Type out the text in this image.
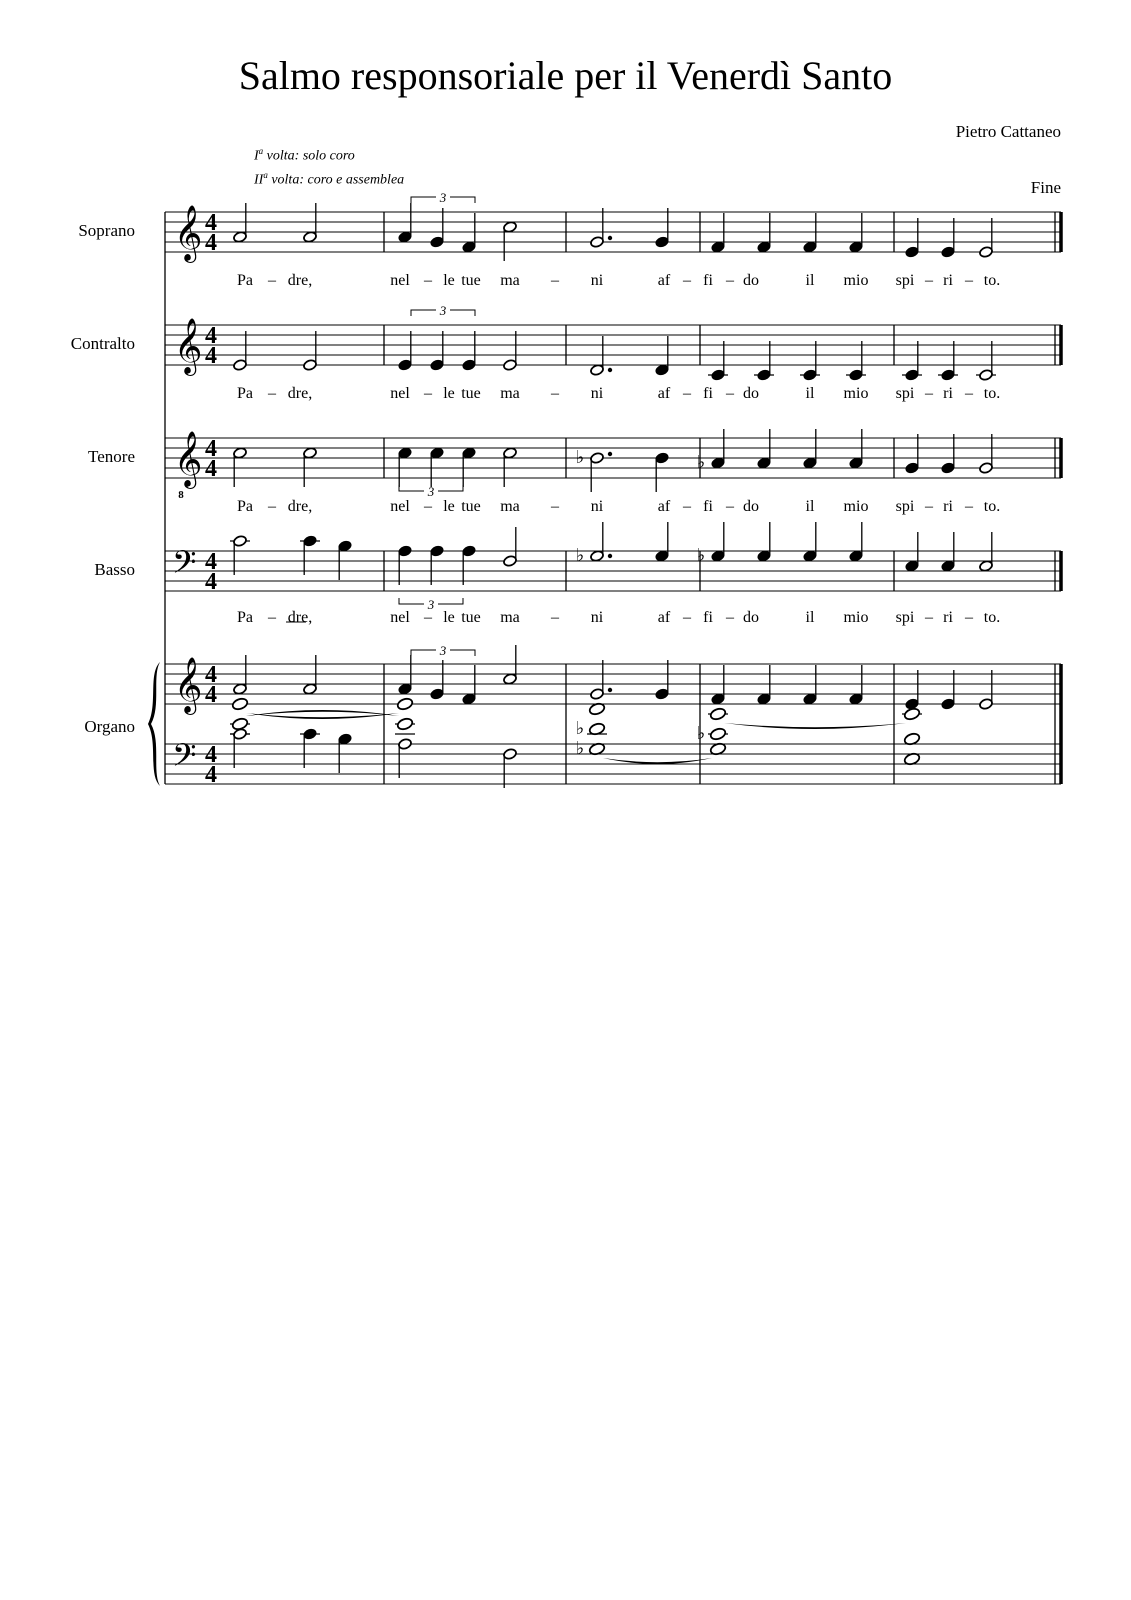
Salmo responsoriale per il Venerdì Santo
Pietro Cattaneo
Fine
$I^a$ volta: solo coro
$II^a$ volta: coro e assemblea
𝄞
𝄞
𝄞
8
𝄞
𝄢
𝄢
4
4
4
4
4
4
4
4
4
4
4
4
Soprano
Contralto
Tenore
Basso
Organo
3
3
3
♭	♭
3
♭	♭
3
♭
♭
♭
Pa – dre,	nel – le tue ma – ni	af – fi – do	il mio spi – ri – to.
Pa – dre,	nel – le tue ma – ni	af – fi – do	il mio spi – ri – to.
Pa – dre,	nel – le tue ma – ni	af – fi – do	il mio spi – ri – to.
Pa – dre,	nel – le tue ma – ni	af – fi – do	il mio spi – ri – to.
